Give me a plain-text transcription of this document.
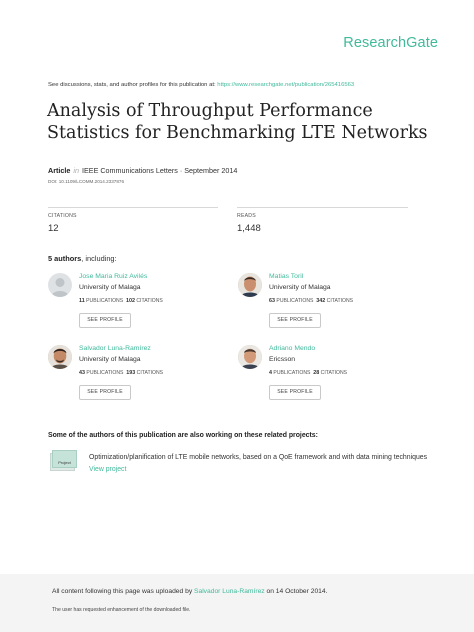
ResearchGate
See discussions, stats, and author profiles for this publication at: https://www.researchgate.net/publication/265416563
Analysis of Throughput Performance Statistics for Benchmarking LTE Networks
Article in IEEE Communications Letters · September 2014
DOI: 10.1109/LCOMM.2014.2337876
CITATIONS
12
READS
1,448
5 authors, including:
Jose Maria Ruiz Avilés
University of Malaga
11 PUBLICATIONS 102 CITATIONS
SEE PROFILE
Matias Toril
University of Malaga
63 PUBLICATIONS 342 CITATIONS
SEE PROFILE
Salvador Luna-Ramírez
University of Malaga
43 PUBLICATIONS 193 CITATIONS
SEE PROFILE
Adriano Mendo
Ericsson
4 PUBLICATIONS 28 CITATIONS
SEE PROFILE
Some of the authors of this publication are also working on these related projects:
Project
Optimization/planification of LTE mobile networks, based on a QoE framework and with data mining techniques View project
All content following this page was uploaded by Salvador Luna-Ramírez on 14 October 2014.
The user has requested enhancement of the downloaded file.
